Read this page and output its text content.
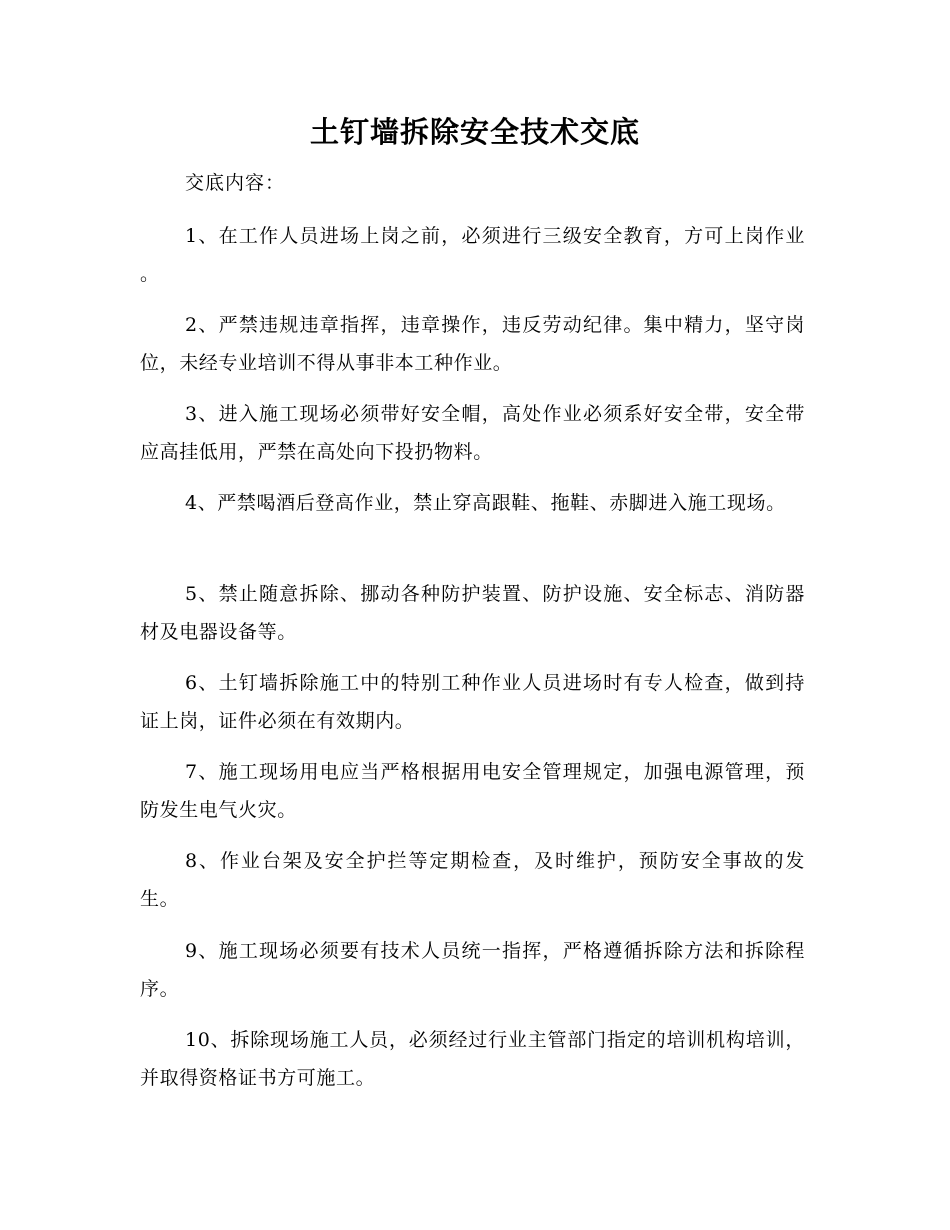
土钉墙拆除安全技术交底
交底内容：

1、在工作人员进场上岗之前，必须进行三级安全教育，方可上岗作业 。

2、严禁违规违章指挥，违章操作，违反劳动纪律。集中精力，坚守岗位，未经专业培训不得从事非本工种作业。

3、进入施工现场必须带好安全帽，高处作业必须系好安全带，安全带应高挂低用，严禁在高处向下投扔物料。

4、严禁喝酒后登高作业，禁止穿高跟鞋、拖鞋、赤脚进入施工现场。

5、禁止随意拆除、挪动各种防护装置、防护设施、安全标志、消防器材及电器设备等。

6、土钉墙拆除施工中的特别工种作业人员进场时有专人检查，做到持证上岗，证件必须在有效期内。

7、施工现场用电应当严格根据用电安全管理规定，加强电源管理，预防发生电气火灾。

8、作业台架及安全护拦等定期检查，及时维护，预防安全事故的发生。

9、施工现场必须要有技术人员统一指挥，严格遵循拆除方法和拆除程序。

10、拆除现场施工人员，必须经过行业主管部门指定的培训机构培训，并取得资格证书方可施工。
